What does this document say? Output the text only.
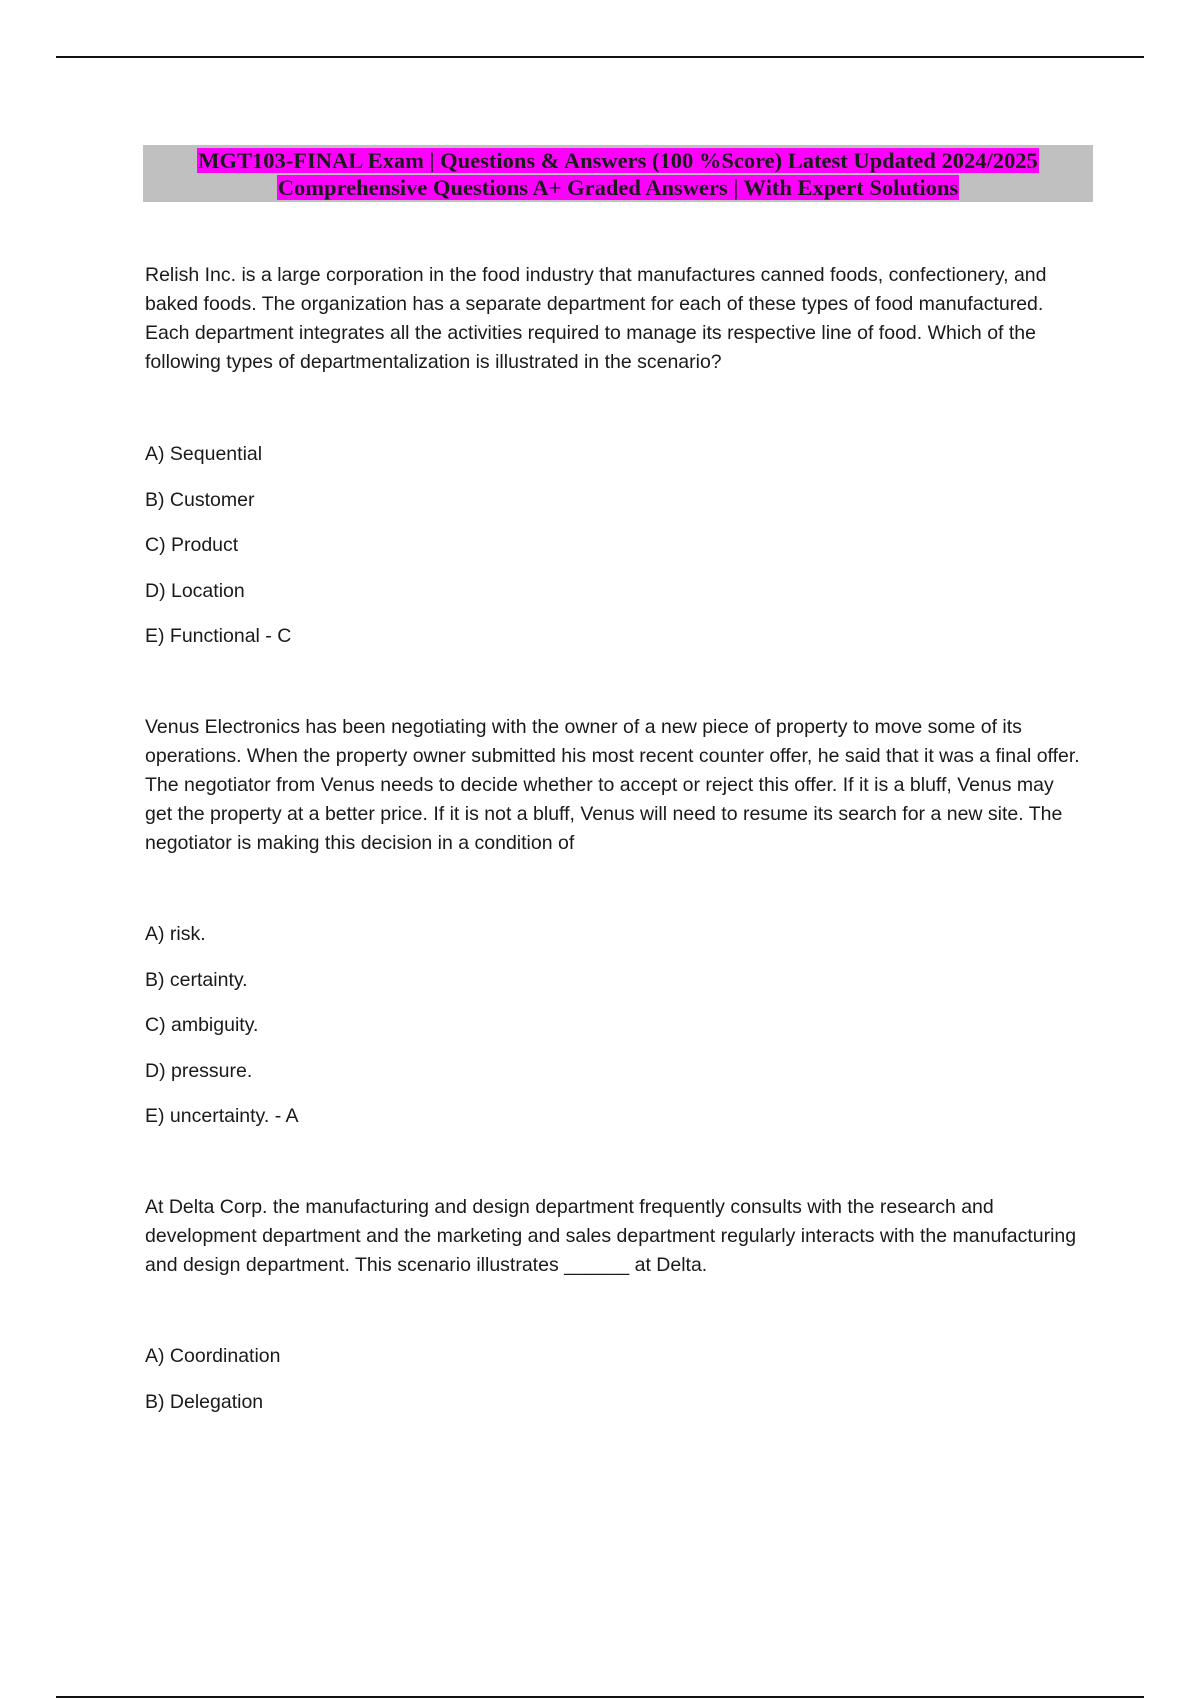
MGT103-FINAL Exam | Questions & Answers (100 %Score) Latest Updated 2024/2025
Comprehensive Questions A+ Graded Answers | With Expert Solutions

Relish Inc. is a large corporation in the food industry that manufactures canned foods, confectionery, and baked foods. The organization has a separate department for each of these types of food manufactured. Each department integrates all the activities required to manage its respective line of food. Which of the following types of departmentalization is illustrated in the scenario?

A) Sequential

B) Customer

C) Product

D) Location

E) Functional - C

Venus Electronics has been negotiating with the owner of a new piece of property to move some of its operations. When the property owner submitted his most recent counter offer, he said that it was a final offer. The negotiator from Venus needs to decide whether to accept or reject this offer. If it is a bluff, Venus may get the property at a better price. If it is not a bluff, Venus will need to resume its search for a new site. The negotiator is making this decision in a condition of

A) risk.

B) certainty.

C) ambiguity.

D) pressure.

E) uncertainty. - A

At Delta Corp. the manufacturing and design department frequently consults with the research and development department and the marketing and sales department regularly interacts with the manufacturing and design department. This scenario illustrates ______ at Delta.

A) Coordination

B) Delegation
